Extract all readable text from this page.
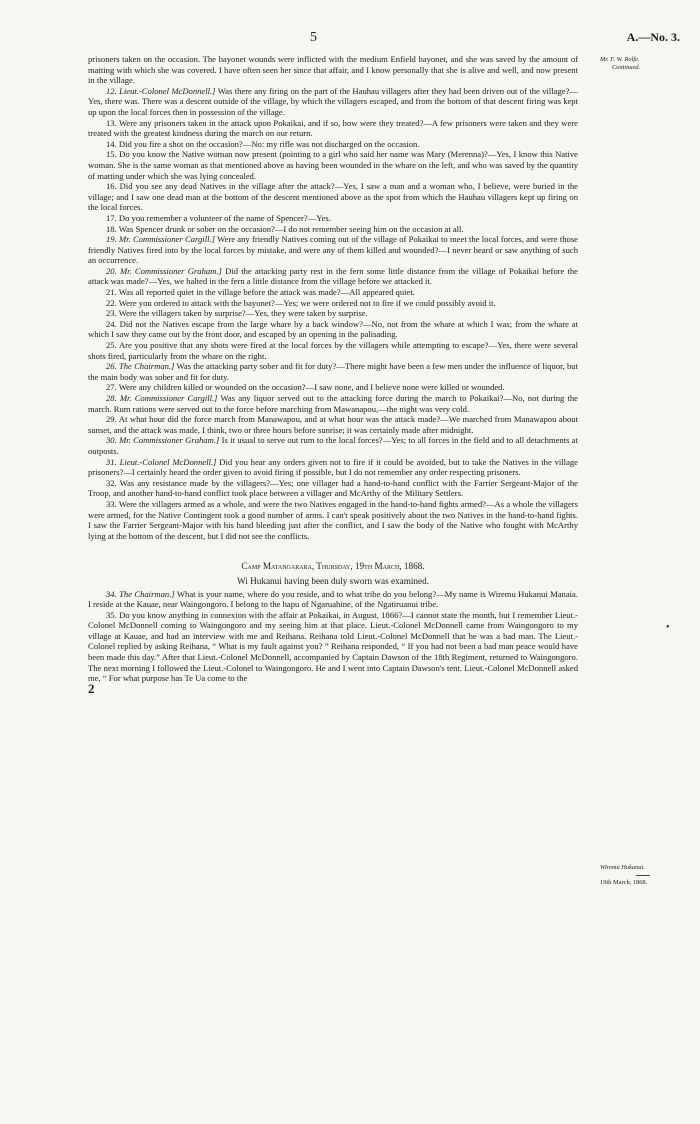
5	A.—No. 3.
Mr. F. W. Rolfe.
Continued.
Wiremu Hukanui.
19th March, 1868.
•

prisoners taken on the occasion. The bayonet wounds were inflicted with the medium Enfield bayonet, and she was saved by the amount of matting with which she was covered. I have often seen her since that affair, and I know personally that she is alive and well, and now present in the village.

12. Lieut.-Colonel McDonnell.] Was there any firing on the part of the Hauhau villagers after they had been driven out of the village?—Yes, there was. There was a descent outside of the village, by which the villagers escaped, and from the bottom of that descent firing was kept up upon the local forces then in possession of the village.

13. Were any prisoners taken in the attack upon Pokaikai, and if so, how were they treated?—A few prisoners were taken and they were treated with the greatest kindness during the march on our return.

14. Did you fire a shot on the occasion?—No: my rifle was not discharged on the occasion.

15. Do you know the Native woman now present (pointing to a girl who said her name was Mary (Merenna)?—Yes, I know this Native woman. She is the same woman as that mentioned above as having been wounded in the whare on the left, and who was saved by the quantity of matting under which she was lying concealed.

16. Did you see any dead Natives in the village after the attack?—Yes, I saw a man and a woman who, I believe, were buried in the village; and I saw one dead man at the bottom of the descent mentioned above as the spot from which the Hauhau villagers kept up firing on the local forces.

17. Do you remember a volunteer of the name of Spencer?—Yes.

18. Was Spencer drunk or sober on the occasion?—I do not remember seeing him on the occasion at all.

19. Mr. Commissioner Cargill.] Were any friendly Natives coming out of the village of Pokaikai to meet the local forces, and were those friendly Natives fired into by the local forces by mistake, and were any of them killed and wounded?—I never heard or saw anything of such an occurrence.

20. Mr. Commissioner Graham.] Did the attacking party rest in the fern some little distance from the village of Pokaikai before the attack was made?—Yes, we halted in the fern a little distance from the village before we attacked it.

21. Was all reported quiet in the village before the attack was made?—All appeared quiet.

22. Were you ordered to attack with the bayonet?—Yes; we were ordered not to fire if we could possibly avoid it.

23. Were the villagers taken by surprise?—Yes, they were taken by surprise.

24. Did not the Natives escape from the large whare by a back window?—No, not from the whare at which I was; from the whare at which I saw they came out by the front door, and escaped by an opening in the palisading.

25. Are you positive that any shots were fired at the local forces by the villagers while attempting to escape?—Yes, there were several shots fired, particularly from the whare on the right.

26. The Chairman.] Was the attacking party sober and fit for duty?—There might have been a few men under the influence of liquor, but the main body was sober and fit for duty.

27. Were any children killed or wounded on the occasion?—I saw none, and I believe none were killed or wounded.

28. Mr. Commissioner Cargill.] Was any liquor served out to the attacking force during the march to Pokaikai?—No, not during the march. Rum rations were served out to the force before marching from Mawanapou,—the night was very cold.

29. At what hour did the force march from Manawapou, and at what hour was the attack made?—We marched from Manawapou about sunset, and the attack was made, I think, two or three hours before sunrise; it was certainly made after midnight.

30. Mr. Commissioner Graham.] Is it usual to serve out rum to the local forces?—Yes; to all forces in the field and to all detachments at outposts.

31. Lieut.-Colonel McDonnell.] Did you hear any orders given not to fire if it could be avoided, but to take the Natives in the village prisoners?—I certainly heard the order given to avoid firing if possible, but I do not remember any order respecting prisoners.

32. Was any resistance made by the villagers?—Yes; one villager had a hand-to-hand conflict with the Farrier Sergeant-Major of the Troop, and another hand-to-hand conflict took place between a villager and McArthy of the Military Settlers.

33. Were the villagers armed as a whole, and were the two Natives engaged in the hand-to-hand fights armed?—As a whole the villagers were armed, for the Native Contingent took a good number of arms. I can't speak positively about the two Natives in the hand-to-hand fights. I saw the Farrier Sergeant-Major with his hand bleeding just after the conflict, and I saw the body of the Native who fought with McArthy lying at the bottom of the descent, but I did not see the conflicts.

Camp Matangarara, Thursday, 19th March, 1868.

Wi Hukanui having been duly sworn was examined.

34. The Chairman.] What is your name, where do you reside, and to what tribe do you belong?—My name is Wiremu Hukanui Manaia. I reside at the Kauae, near Waingongoro. I belong to the hapu of Ngaruahine, of the Ngatiruanui tribe.

35. Do you know anything in connexion with the affair at Pokaikai, in August, 1866?—I cannot state the month, but I remember Lieut.-Colonel McDonnell coming to Waingongoro and my seeing him at that place. Lieut.-Colonel McDonnell came from Waingongoro to my village at Kauae, and had an interview with me and Reihana. Reihana told Lieut.-Colonel McDonnell that he was a bad man. The Lieut.-Colonel replied by asking Reihana, “ What is my fault against you? ” Reihana responded, “ If you had not been a bad man peace would have been made this day.” After that Lieut.-Colonel McDonnell, accompanied by Captain Dawson of the 18th Regiment, returned to Waingongoro. The next morning I followed the Lieut.-Colonel to Waingongoro. He and I went into Captain Dawson's tent. Lieut.-Colonel McDonnell asked me, “ For what purpose has Te Ua come to the

2
